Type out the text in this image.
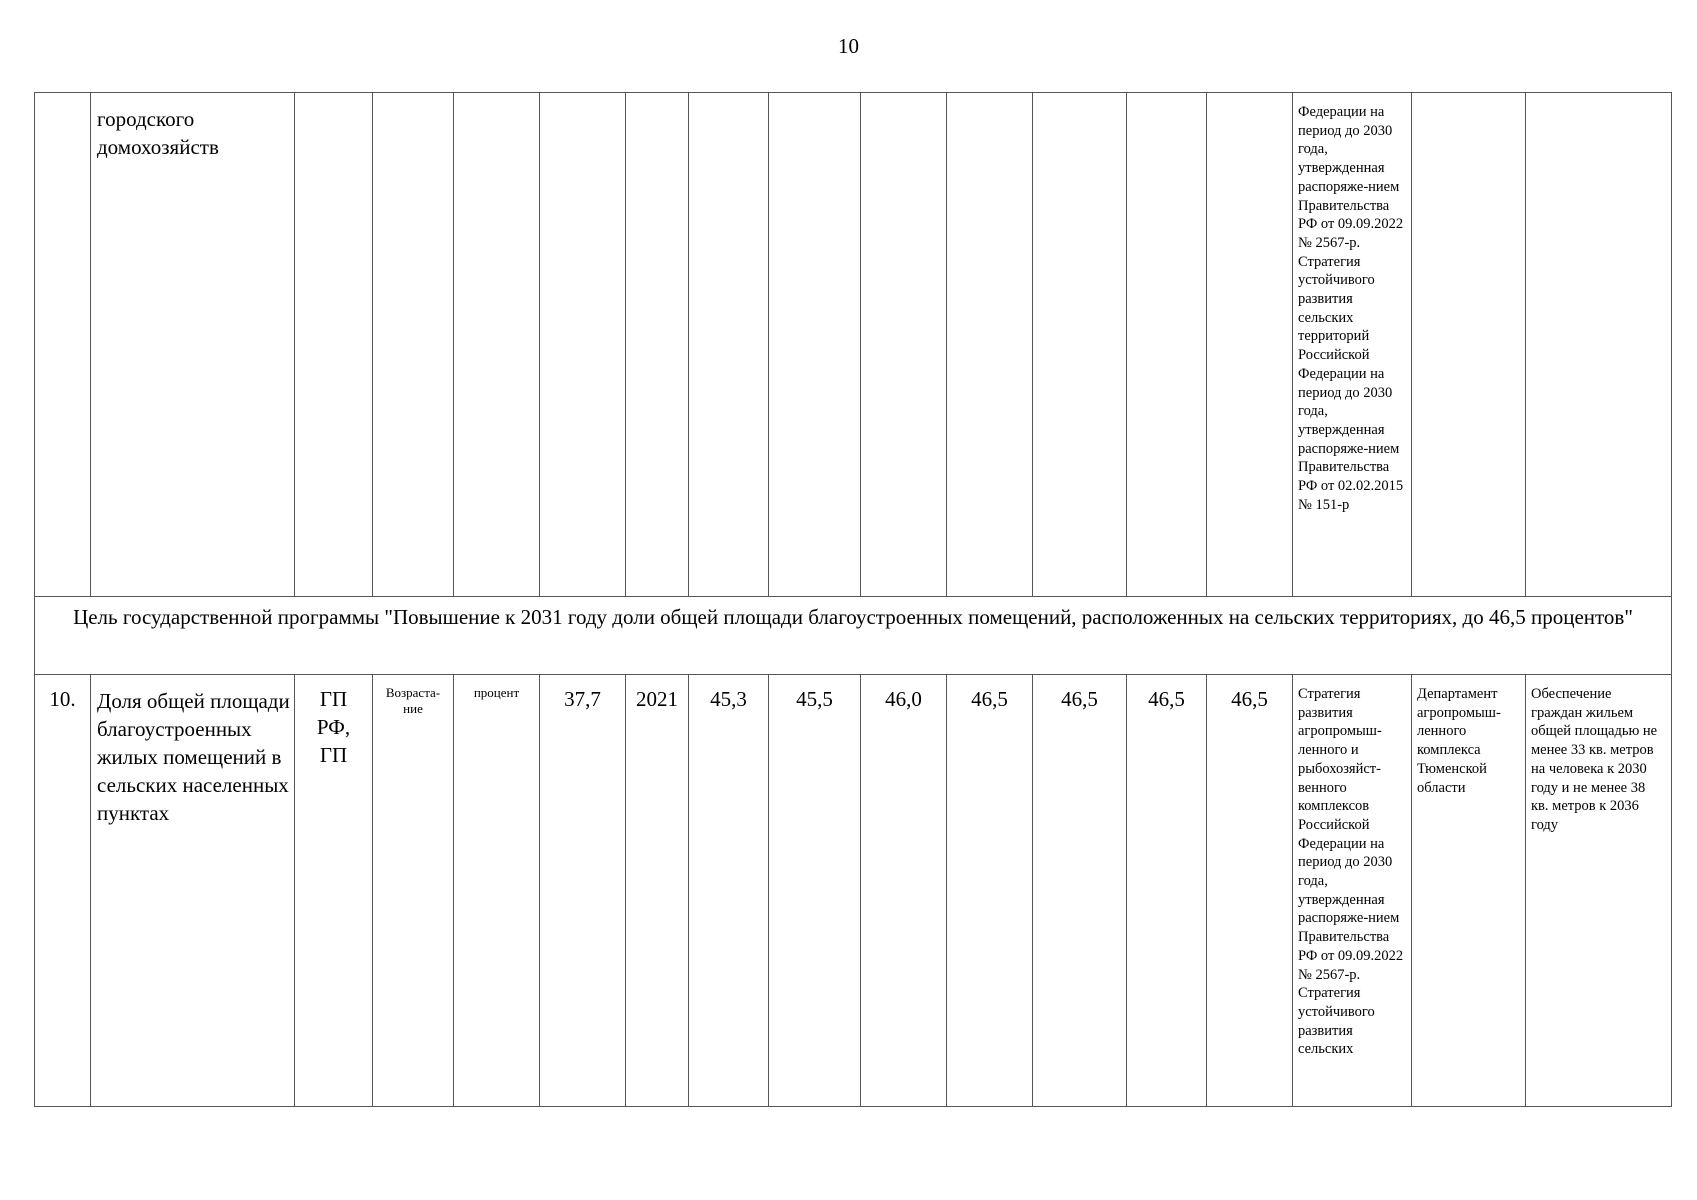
10
	городского домохозяйств													Федерации на период до 2030 года, утвержденная распоряже-нием Правительства РФ от 09.09.2022 № 2567-р. Стратегия устойчивого развития сельских территорий Российской Федерации на период до 2030 года, утвержденная распоряже-нием Правительства РФ от 02.02.2015 № 151-р		
Цель государственной программы "Повышение к 2031 году доли общей площади благоустроенных помещений, расположенных на сельских территориях, до 46,5 процентов"																
10.	Доля общей площади благоустроенных жилых помещений в сельских населенных пунктах	ГП РФ, ГП	Возраста-ние	процент	37,7	2021	45,3	45,5	46,0	46,5	46,5	46,5	46,5	Стратегия развития агропромыш-ленного и рыбохозяйст-венного комплексов Российской Федерации на период до 2030 года, утвержденная распоряже-нием Правительства РФ от 09.09.2022 № 2567-р. Стратегия устойчивого развития сельских	Департамент агропромыш-ленного комплекса Тюменской области	Обеспечение граждан жильем общей площадью не менее 33 кв. метров на человека к 2030 году и не менее 38 кв. метров к 2036 году
